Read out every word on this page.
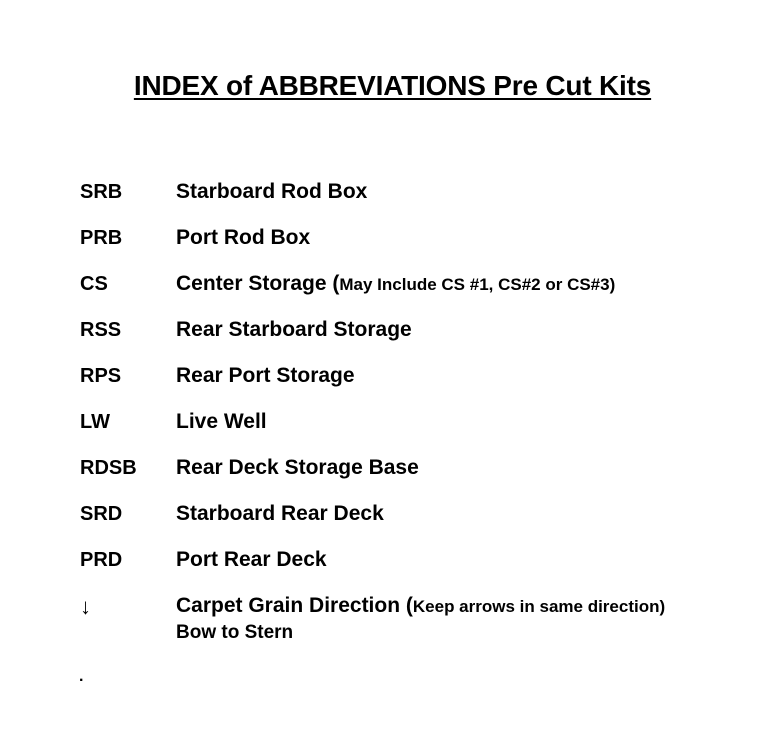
INDEX of ABBREVIATIONS Pre Cut Kits
SRB	Starboard Rod Box
PRB	Port Rod Box
CS	Center Storage (May Include CS #1, CS#2 or CS#3)
RSS	Rear Starboard Storage
RPS	Rear Port Storage
LW	Live Well
RDSB	Rear Deck Storage Base
SRD	Starboard Rear Deck
PRD	Port Rear Deck
↓	Carpet Grain Direction (Keep arrows in same direction)
Bow to Stern
.
